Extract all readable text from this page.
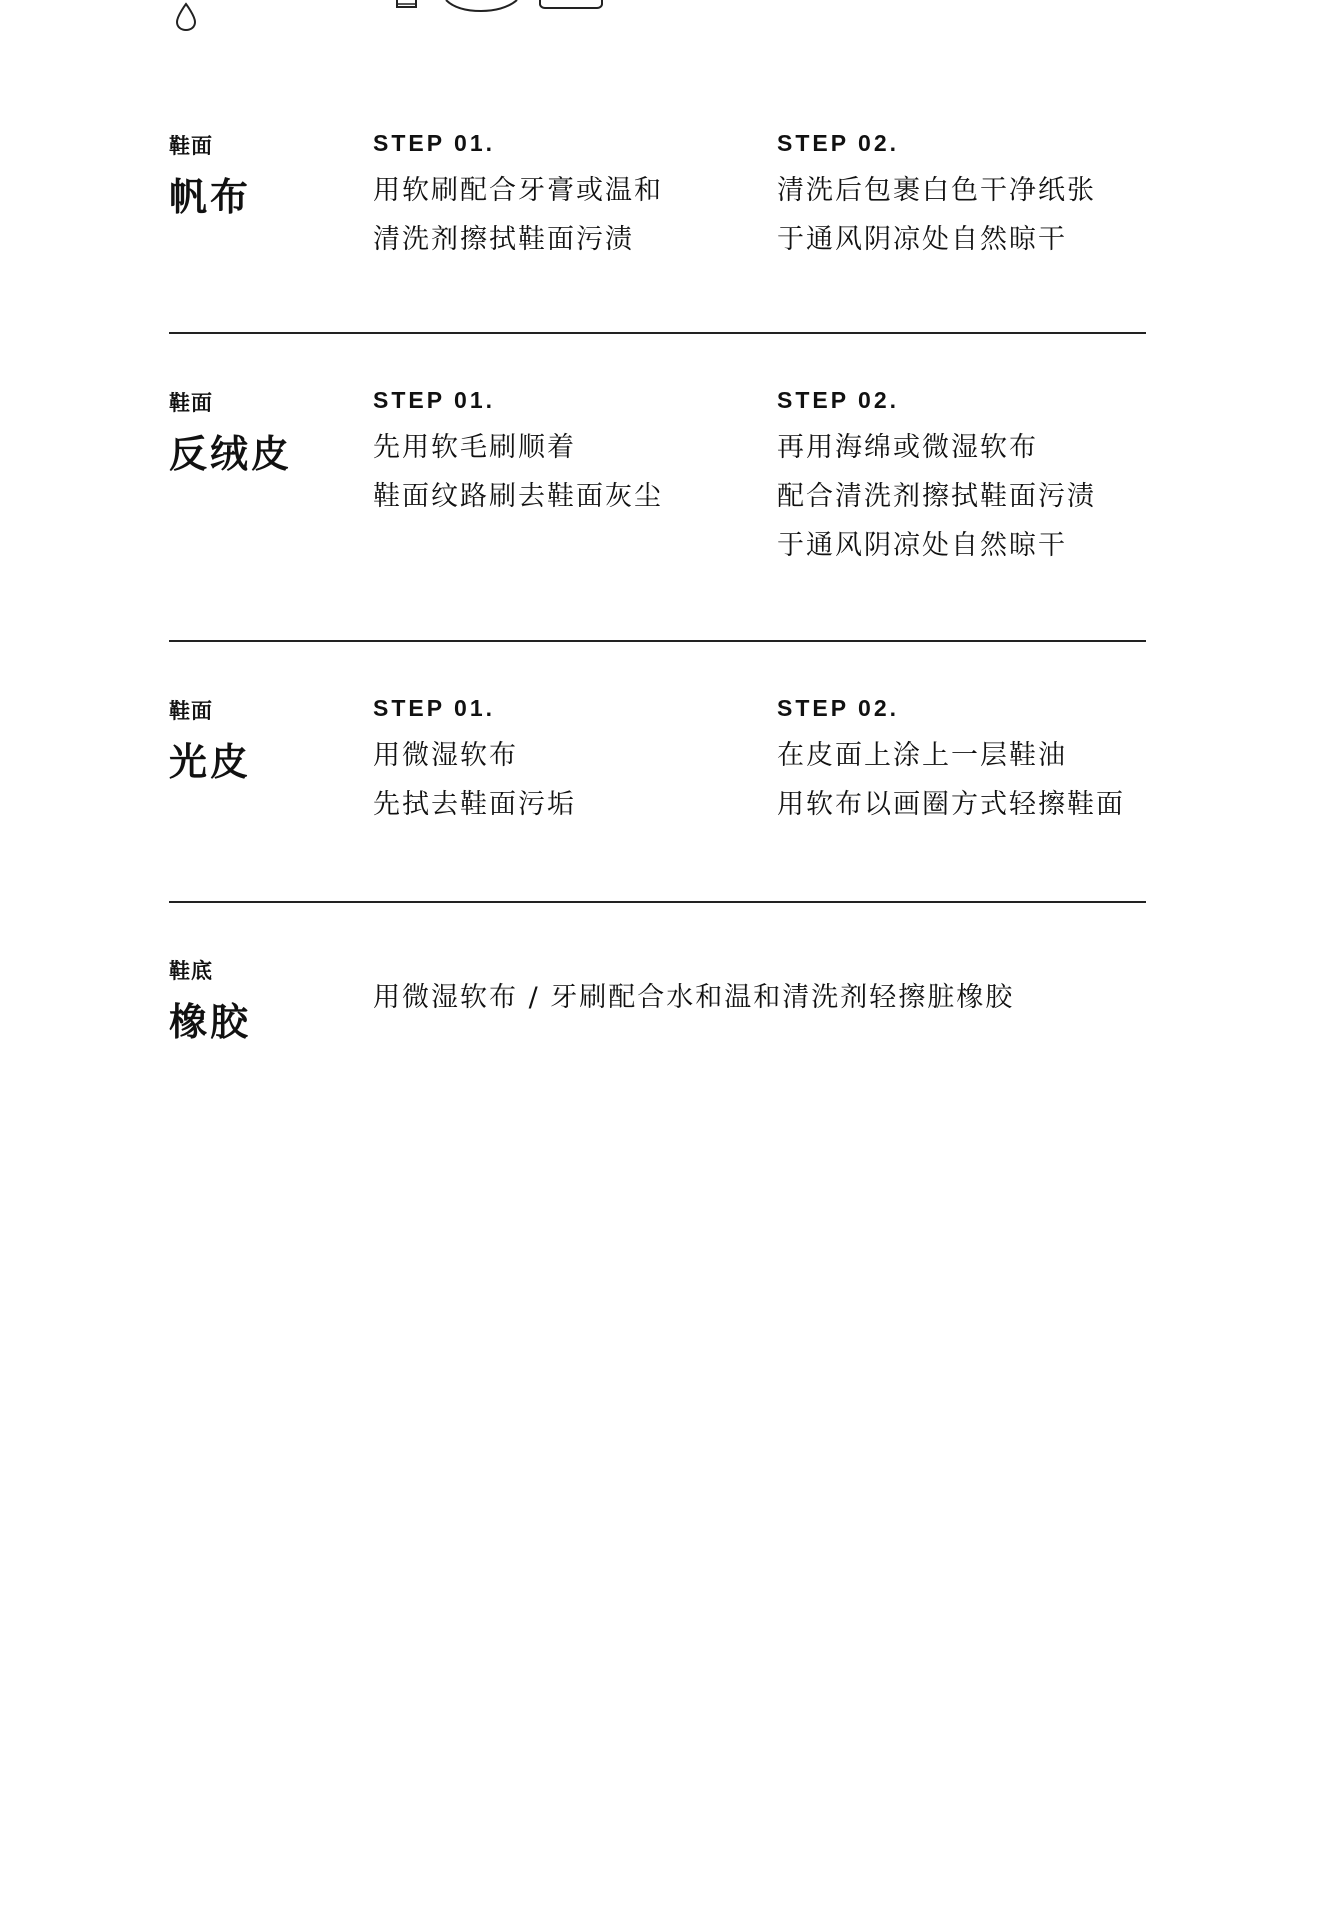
鞋面
帆布
STEP 01.
用软刷配合牙膏或温和
清洗剂擦拭鞋面污渍
STEP 02.
清洗后包裹白色干净纸张
于通风阴凉处自然晾干
鞋面
反绒皮
STEP 01.
先用软毛刷顺着
鞋面纹路刷去鞋面灰尘
STEP 02.
再用海绵或微湿软布
配合清洗剂擦拭鞋面污渍
于通风阴凉处自然晾干
鞋面
光皮
STEP 01.
用微湿软布
先拭去鞋面污垢
STEP 02.
在皮面上涂上一层鞋油
用软布以画圈方式轻擦鞋面
鞋底
橡胶
用微湿软布 / 牙刷配合水和温和清洗剂轻擦脏橡胶
